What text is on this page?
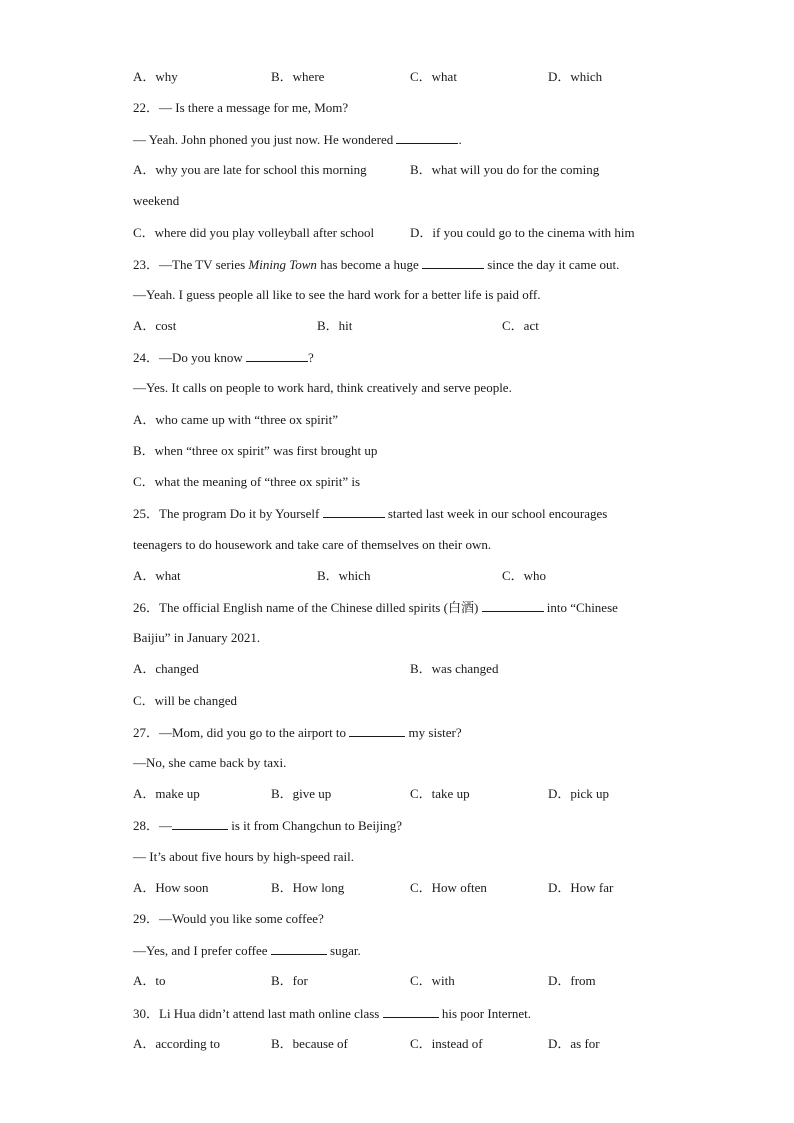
A．why	B．where	C．what	D．which
22．— Is there a message for me, Mom?
— Yeah. John phoned you just now. He wondered	.
A．why you are late for school this morning	B．what will you do for the coming
weekend
C．where did you play volleyball after school	D．if you could go to the cinema with him
23．—The TV series Mining Town has become a huge	since the day it came out.
—Yeah. I guess people all like to see the hard work for a better life is paid off.
A．cost	B．hit	C．act
24．—Do you know	?
—Yes. It calls on people to work hard, think creatively and serve people.
A．who came up with “three ox spirit”
B．when “three ox spirit” was first brought up
C．what the meaning of “three ox spirit” is
25．The program Do it by Yourself	started last week in our school encourages
teenagers to do housework and take care of themselves on their own.
A．what	B．which	C．who
26．The official English name of the Chinese dilled spirits (白酒)	into “Chinese
Baijiu” in January 2021.
A．changed	B．was changed
C．will be changed
27．—Mom, did you go to the airport to	my sister?
—No, she came back by taxi.
A．make up	B．give up	C．take up	D．pick up
28．—	is it from Changchun to Beijing?
— It’s about five hours by high-speed rail.
A．How soon	B．How long	C．How often	D．How far
29．—Would you like some coffee?
—Yes, and I prefer coffee	sugar.
A．to	B．for	C．with	D．from
30．Li Hua didn’t attend last math online class	his poor Internet.
A．according to	B．because of	C．instead of	D．as for
